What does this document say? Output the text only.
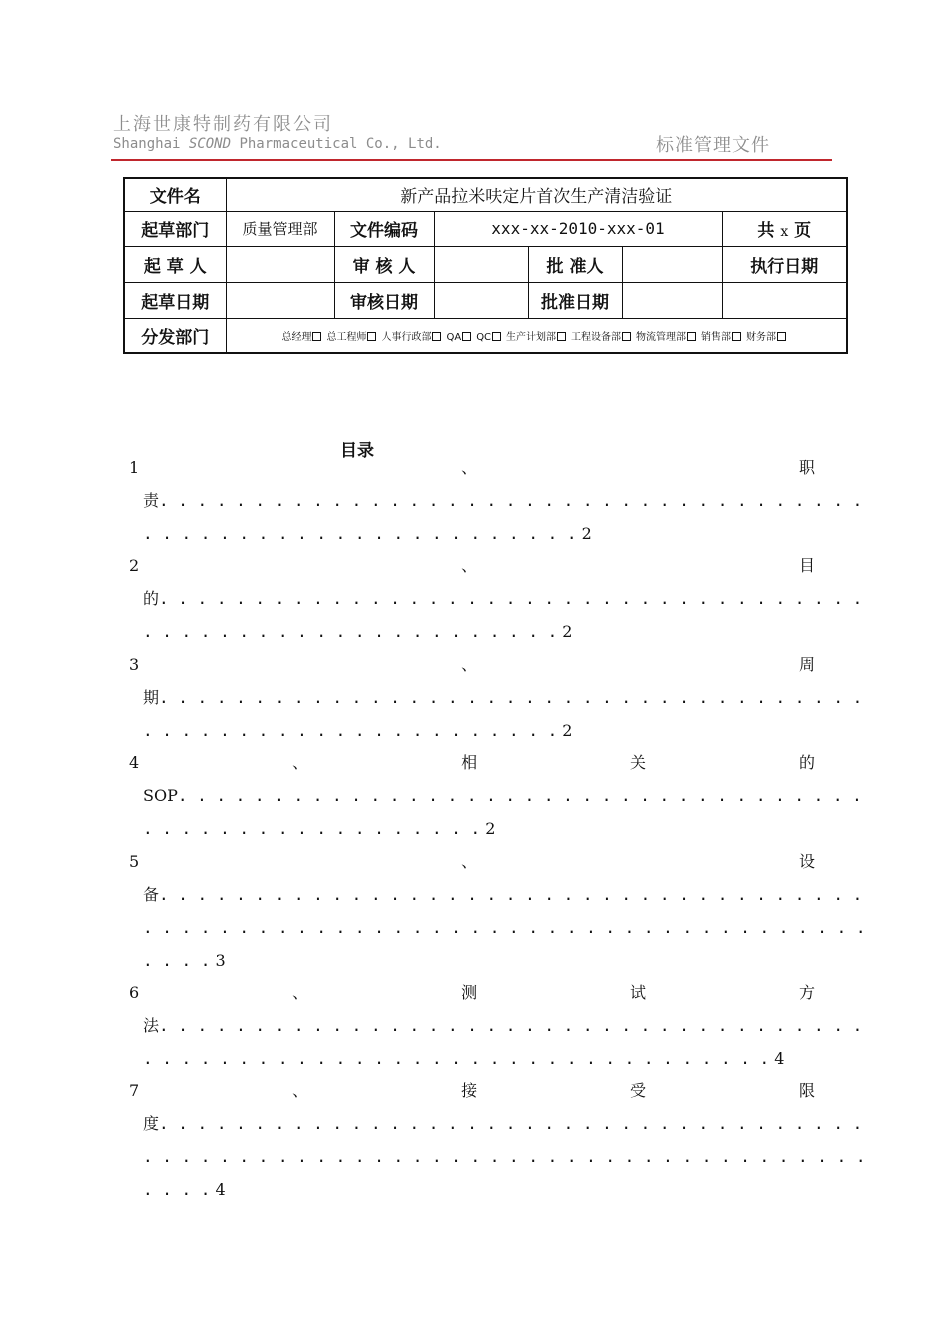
上海世康特制药有限公司
Shanghai SCOND Pharmaceutical Co., Ltd.	标准管理文件
文件名	新产品拉米呋定片首次生产清洁验证					
起草部门	质量管理部	文件编码	xxx-xx-2010-xxx-01			共 x 页
起 草 人		审 核 人		批 准人		执行日期
起草日期		审核日期		批准日期		
分发部门	总经理 总工程师 人事行政部 QA QC 生产计划部 工程设备部 物流管理部 销售部 财务部					
目录
1	、	职
责. . . . . . . . . . . . . . . . . . . . . . . . . . . . . . . . . . . . .
. . . . . . . . . . . . . . . . . . . . . . . 2
2	、	目
的. . . . . . . . . . . . . . . . . . . . . . . . . . . . . . . . . . . . .
. . . . . . . . . . . . . . . . . . . . . . 2
3	、	周
期. . . . . . . . . . . . . . . . . . . . . . . . . . . . . . . . . . . . .
. . . . . . . . . . . . . . . . . . . . . . 2
4	、	相	关	的
SOP. . . . . . . . . . . . . . . . . . . . . . . . . . . . . . . . . . . .
. . . . . . . . . . . . . . . . . . 2
5	、	设
备. . . . . . . . . . . . . . . . . . . . . . . . . . . . . . . . . . . . .
. . . . . . . . . . . . . . . . . . . . . . . . . . . . . . . . . . . . . .
. . . . 3
6	、	测	试	方
法. . . . . . . . . . . . . . . . . . . . . . . . . . . . . . . . . . . . .
. . . . . . . . . . . . . . . . . . . . . . . . . . . . . . . . . 4
7	、	接	受	限
度. . . . . . . . . . . . . . . . . . . . . . . . . . . . . . . . . . . . .
. . . . . . . . . . . . . . . . . . . . . . . . . . . . . . . . . . . . . .
. . . . 4
